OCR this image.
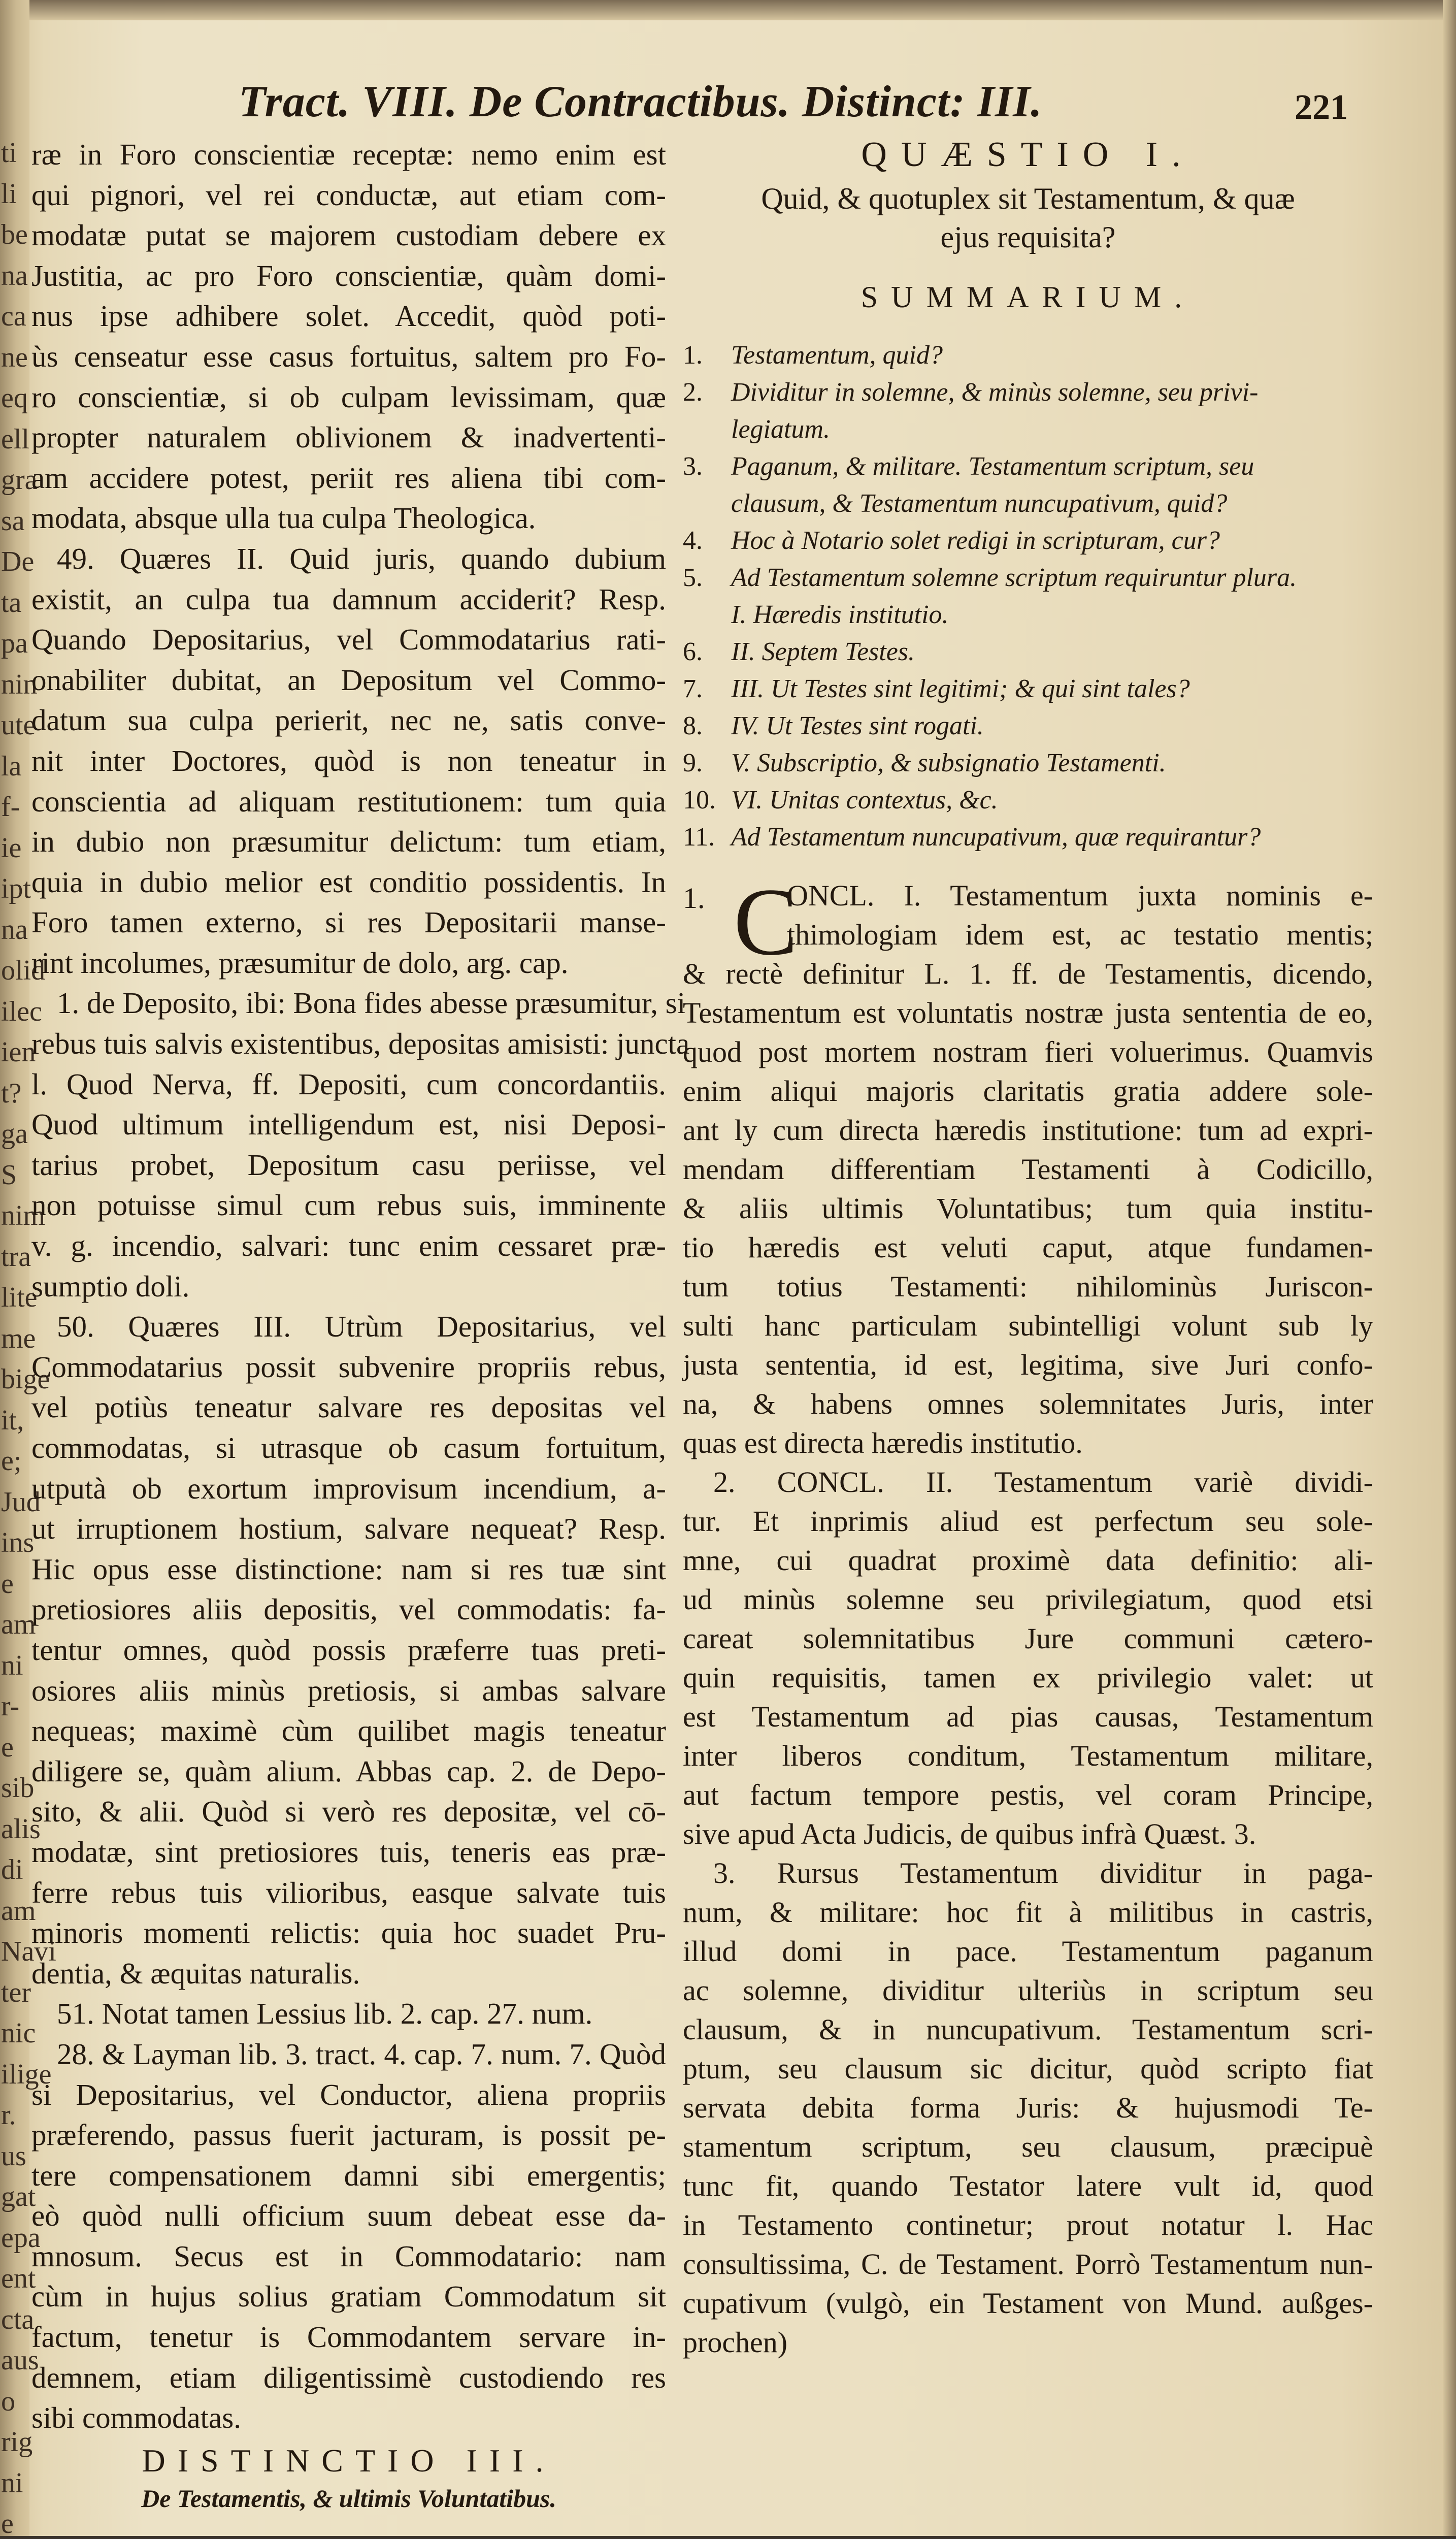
ti
li
be
na
ca
ne
eq
ell
gra
sa
De
ta
pa
nin
ute
la
f-
ie
ipt
na
olid
ilec
ien
t?
ga
S
nim
tra
lite
me
bige
it,
e;
Jud
ins
e
am
ni
r-
e
sib
alis
di
am
Navi
ter
nic
ilige
r.
us
gat
epa
ent
cta
aus
o
rig
ni
e
Tract. VIII. De Contractibus. Distinct: III.	221
ræ in Foro conscientiæ receptæ: nemo enim est
qui pignori, vel rei conductæ, aut etiam com-
modatæ putat se majorem custodiam debere ex
Justitia, ac pro Foro conscientiæ, quàm domi-
nus ipse adhibere solet. Accedit, quòd poti-
ùs censeatur esse casus fortuitus, saltem pro Fo-
ro conscientiæ, si ob culpam levissimam, quæ
propter naturalem oblivionem & inadvertenti-
am accidere potest, periit res aliena tibi com-
modata, absque ulla tua culpa Theologica.
49. Quæres II. Quid juris, quando dubium
existit, an culpa tua damnum acciderit? Resp.
Quando Depositarius, vel Commodatarius rati-
onabiliter dubitat, an Depositum vel Commo-
datum sua culpa perierit, nec ne, satis conve-
nit inter Doctores, quòd is non teneatur in
conscientia ad aliquam restitutionem: tum quia
in dubio non præsumitur delictum: tum etiam,
quia in dubio melior est conditio possidentis. In
Foro tamen externo, si res Depositarii manse-
rint incolumes, præsumitur de dolo, arg. cap.
1. de Deposito, ibi: Bona fides abesse præsumitur, si
rebus tuis salvis existentibus, depositas amisisti: juncta
l. Quod Nerva, ff. Depositi, cum concordantiis.
Quod ultimum intelligendum est, nisi Deposi-
tarius probet, Depositum casu periisse, vel
non potuisse simul cum rebus suis, imminente
v. g. incendio, salvari: tunc enim cessaret præ-
sumptio doli.
50. Quæres III. Utrùm Depositarius, vel
Commodatarius possit subvenire propriis rebus,
vel potiùs teneatur salvare res depositas vel
commodatas, si utrasque ob casum fortuitum,
utputà ob exortum improvisum incendium, a-
ut irruptionem hostium, salvare nequeat? Resp.
Hic opus esse distinctione: nam si res tuæ sint
pretiosiores aliis depositis, vel commodatis: fa-
tentur omnes, quòd possis præferre tuas preti-
osiores aliis minùs pretiosis, si ambas salvare
nequeas; maximè cùm quilibet magis teneatur
diligere se, quàm alium. Abbas cap. 2. de Depo-
sito, & alii. Quòd si verò res depositæ, vel cō-
modatæ, sint pretiosiores tuis, teneris eas præ-
ferre rebus tuis vilioribus, easque salvate tuis
minoris momenti relictis: quia hoc suadet Pru-
dentia, & æquitas naturalis.
51. Notat tamen Lessius lib. 2. cap. 27. num.
28. & Layman lib. 3. tract. 4. cap. 7. num. 7. Quòd
si Depositarius, vel Conductor, aliena propriis
præferendo, passus fuerit jacturam, is possit pe-
tere compensationem damni sibi emergentis;
eò quòd nulli officium suum debeat esse da-
mnosum. Secus est in Commodatario: nam
cùm in hujus solius gratiam Commodatum sit
factum, tenetur is Commodantem servare in-
demnem, etiam diligentissimè custodiendo res
sibi commodatas.
DISTINCTIO III.
De Testamentis, & ultimis Voluntatibus.
QUÆSTIO I.
Quid, & quotuplex sit Testamentum, & quæ
ejus requisita?
SUMMARIUM.
1.	Testamentum, quid?
2.	Dividitur in solemne, & minùs solemne, seu privi-
legiatum.
3.	Paganum, & militare. Testamentum scriptum, seu
clausum, & Testamentum nuncupativum, quid?
4.	Hoc à Notario solet redigi in scripturam, cur?
5.	Ad Testamentum solemne scriptum requiruntur plura.
I. Hæredis institutio.
6.	II. Septem Testes.
7.	III. Ut Testes sint legitimi; & qui sint tales?
8.	IV. Ut Testes sint rogati.
9.	V. Subscriptio, & subsignatio Testamenti.
10. VI. Unitas contextus, &c.
11. Ad Testamentum nuncupativum, quæ requirantur?
1. C
ONCL. I. Testamentum juxta nominis e-
thimologiam idem est, ac testatio mentis;
& rectè definitur L. 1. ff. de Testamentis, dicendo,
Testamentum est voluntatis nostræ justa sententia de eo,
quod post mortem nostram fieri voluerimus. Quamvis
enim aliqui majoris claritatis gratia addere sole-
ant ly cum directa hæredis institutione: tum ad expri-
mendam differentiam Testamenti à Codicillo,
& aliis ultimis Voluntatibus; tum quia institu-
tio hæredis est veluti caput, atque fundamen-
tum totius Testamenti: nihilominùs Juriscon-
sulti hanc particulam subintelligi volunt sub ly
justa sententia, id est, legitima, sive Juri confo-
na, & habens omnes solemnitates Juris, inter
quas est directa hæredis institutio.
2. CONCL. II. Testamentum variè dividi-
tur. Et inprimis aliud est perfectum seu sole-
mne, cui quadrat proximè data definitio: ali-
ud minùs solemne seu privilegiatum, quod etsi
careat solemnitatibus Jure communi cætero-
quin requisitis, tamen ex privilegio valet: ut
est Testamentum ad pias causas, Testamentum
inter liberos conditum, Testamentum militare,
aut factum tempore pestis, vel coram Principe,
sive apud Acta Judicis, de quibus infrà Quæst. 3.
3. Rursus Testamentum dividitur in paga-
num, & militare: hoc fit à militibus in castris,
illud domi in pace. Testamentum paganum
ac solemne, dividitur ulteriùs in scriptum seu
clausum, & in nuncupativum. Testamentum scri-
ptum, seu clausum sic dicitur, quòd scripto fiat
servata debita forma Juris: & hujusmodi Te-
stamentum scriptum, seu clausum, præcipuè
tunc fit, quando Testator latere vult id, quod
in Testamento continetur; prout notatur l. Hac
consultissima, C. de Testament. Porrò Testamentum nun-
cupativum (vulgò, ein Testament von Mund. außges-
prochen)
